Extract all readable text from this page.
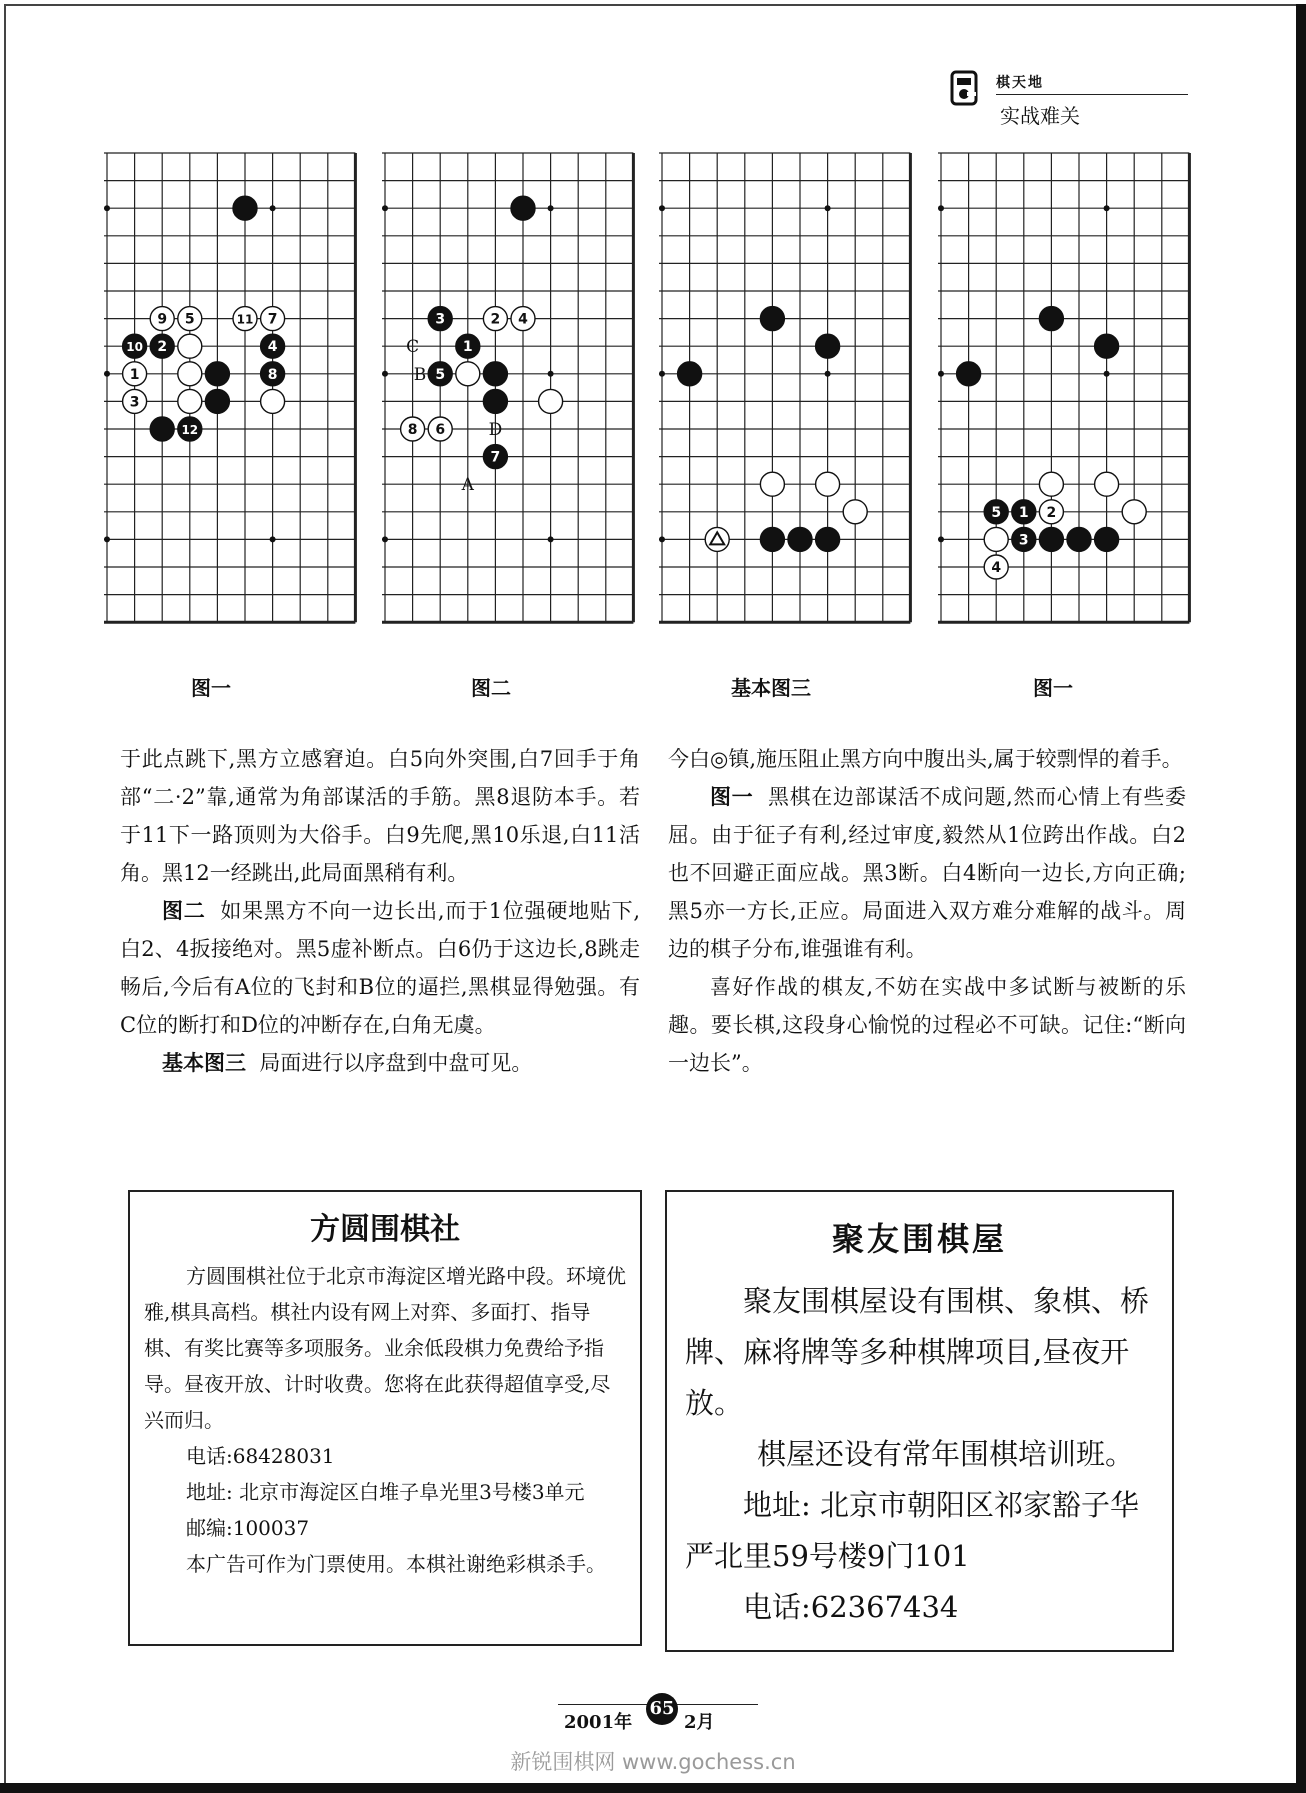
棋天地
实战难关
12
1
2
3
4
5
9	7
8
10
11
1
2
3	4
5
6
7
8
A
B
C
D
1 2
3
4
5
图一	图二	基本图三	图一

于此点跳下,黑方立感窘迫。白5向外突围,白7回手于角部“二·2”靠,通常为角部谋活的手筋。黑8退防本手。若于11下一路顶则为大俗手。白9先爬,黑10乐退,白11活角。黑12一经跳出,此局面黑稍有利。

图二 如果黑方不向一边长出,而于1位强硬地贴下,白2、4扳接绝对。黑5虚补断点。白6仍于这边长,8跳走畅后,今后有A位的飞封和B位的逼拦,黑棋显得勉强。有C位的断打和D位的冲断存在,白角无虞。

基本图三 局面进行以序盘到中盘可见。

今白◎镇,施压阻止黑方向中腹出头,属于较剽悍的着手。

图一 黑棋在边部谋活不成问题,然而心情上有些委屈。由于征子有利,经过审度,毅然从1位跨出作战。白2也不回避正面应战。黑3断。白4断向一边长,方向正确;黑5亦一方长,正应。局面进入双方难分难解的战斗。周边的棋子分布,谁强谁有利。

喜好作战的棋友,不妨在实战中多试断与被断的乐趣。要长棋,这段身心愉悦的过程必不可缺。记住:“断向一边长”。

方圆围棋社

方圆围棋社位于北京市海淀区增光路中段。环境优雅,棋具高档。棋社内设有网上对弈、多面打、指导棋、有奖比赛等多项服务。业余低段棋力免费给予指导。昼夜开放、计时收费。您将在此获得超值享受,尽兴而归。

电话:68428031

地址: 北京市海淀区白堆子阜光里3号楼3单元

邮编:100037

本广告可作为门票使用。本棋社谢绝彩棋杀手。

聚友围棋屋

聚友围棋屋设有围棋、象棋、桥牌、麻将牌等多种棋牌项目,昼夜开放。

棋屋还设有常年围棋培训班。

地址: 北京市朝阳区祁家豁子华严北里59号楼9门101

电话:62367434

2001年
65
2月
新锐围棋网 www.gochess.cn
